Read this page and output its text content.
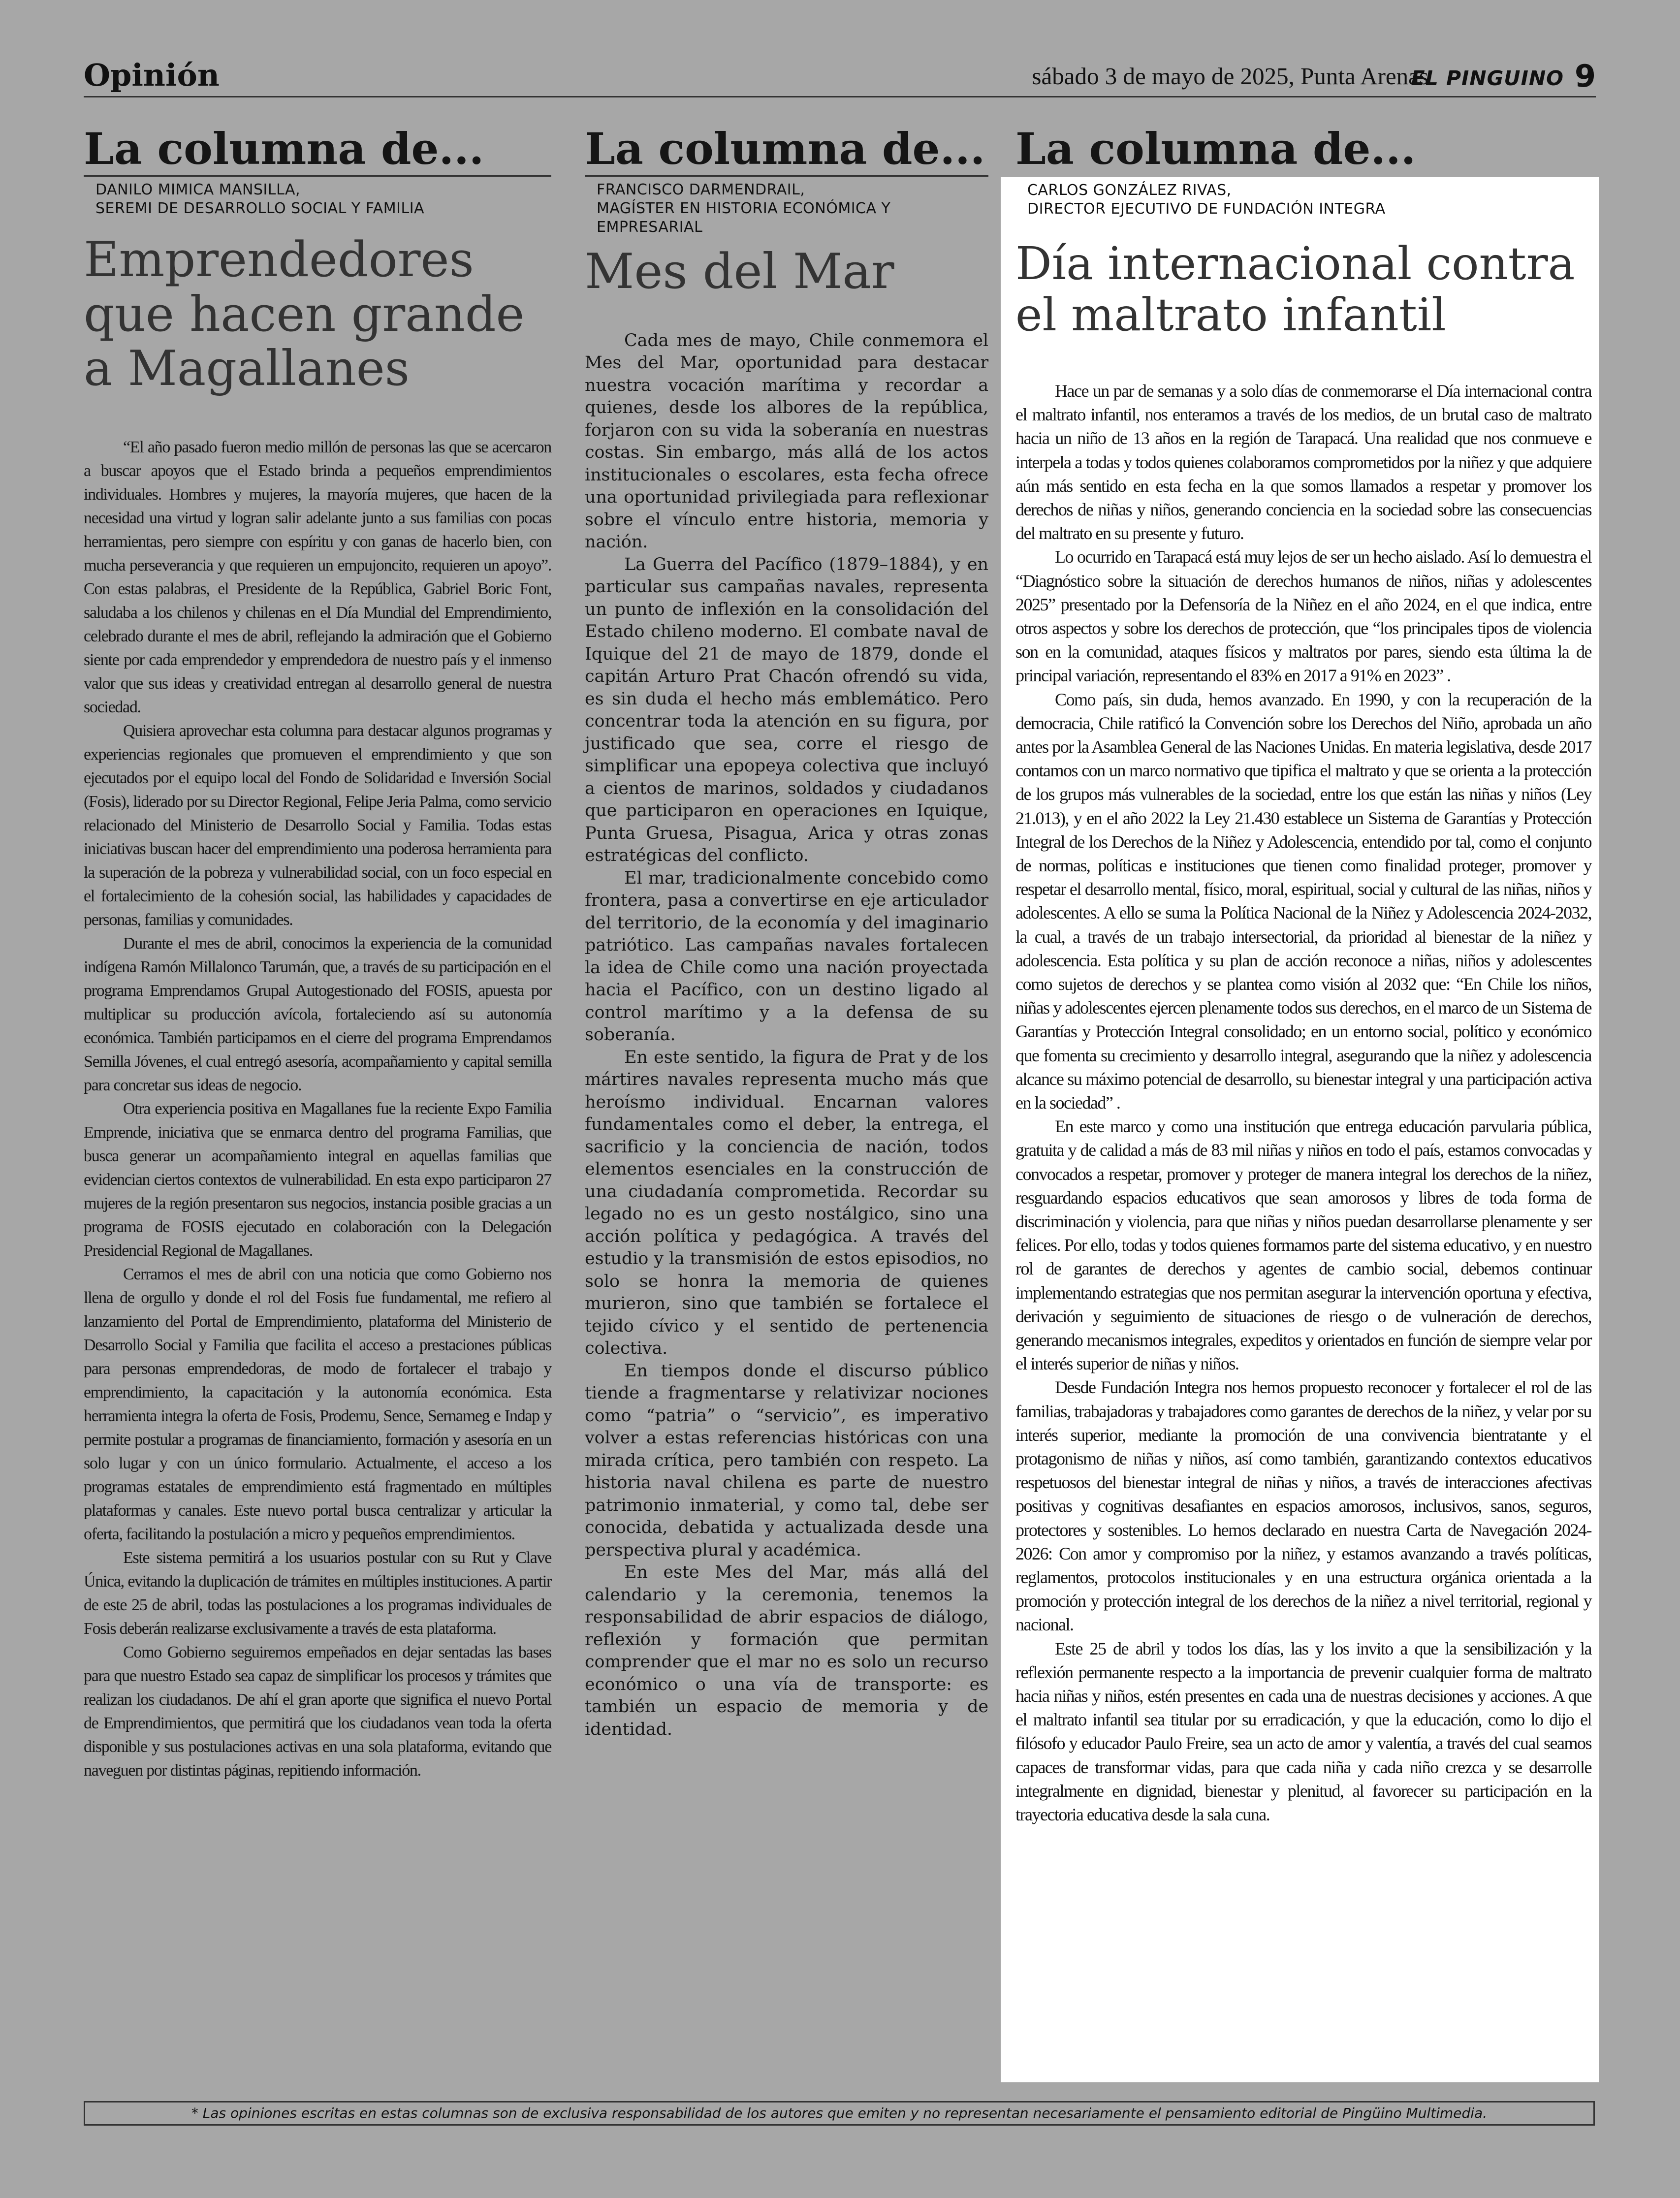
Opinión	sábado 3 de mayo de 2025, Punta Arenas
EL PINGUINO 9
La columna de...
DANILO MIMICA MANSILLA,
SEREMI DE DESARROLLO SOCIAL Y FAMILIA
Emprendedores
que hacen grande
a Magallanes

“El año pasado fueron medio millón de personas las que se acercaron a buscar apoyos que el Estado brinda a pequeños emprendimientos individuales. Hombres y mujeres, la mayoría mujeres, que hacen de la necesidad una virtud y logran salir adelante junto a sus familias con pocas herramientas, pero siempre con espíritu y con ganas de hacerlo bien, con mucha perseverancia y que requieren un empujoncito, requieren un apoyo”. Con estas palabras, el Presidente de la República, Gabriel Boric Font, saludaba a los chilenos y chilenas en el Día Mundial del Emprendimiento, celebrado durante el mes de abril, reflejando la admiración que el Gobierno siente por cada emprendedor y emprendedora de nuestro país y el inmenso valor que sus ideas y creatividad entregan al desarrollo general de nuestra sociedad.

Quisiera aprovechar esta columna para destacar algunos programas y experiencias regionales que promueven el emprendimiento y que son ejecutados por el equipo local del Fondo de Solidaridad e Inversión Social (Fosis), liderado por su Director Regional, Felipe Jeria Palma, como servicio relacionado del Ministerio de Desarrollo Social y Familia. Todas estas iniciativas buscan hacer del emprendimiento una poderosa herramienta para la superación de la pobreza y vulnerabilidad social, con un foco especial en el fortalecimiento de la cohesión social, las habilidades y capacidades de personas, familias y comunidades.

Durante el mes de abril, conocimos la experiencia de la comunidad indígena Ramón Millalonco Tarumán, que, a través de su participación en el programa Emprendamos Grupal Autogestionado del FOSIS, apuesta por multiplicar su producción avícola, fortaleciendo así su autonomía económica. También participamos en el cierre del programa Emprendamos Semilla Jóvenes, el cual entregó asesoría, acompañamiento y capital semilla para concretar sus ideas de negocio.

Otra experiencia positiva en Magallanes fue la reciente Expo Familia Emprende, iniciativa que se enmarca dentro del programa Familias, que busca generar un acompañamiento integral en aquellas familias que evidencian ciertos contextos de vulnerabilidad. En esta expo participaron 27 mujeres de la región presentaron sus negocios, instancia posible gracias a un programa de FOSIS ejecutado en colaboración con la Delegación Presidencial Regional de Magallanes.

Cerramos el mes de abril con una noticia que como Gobierno nos llena de orgullo y donde el rol del Fosis fue fundamental, me refiero al lanzamiento del Portal de Emprendimiento, plataforma del Ministerio de Desarrollo Social y Familia que facilita el acceso a prestaciones públicas para personas emprendedoras, de modo de fortalecer el trabajo y emprendimiento, la capacitación y la autonomía económica. Esta herramienta integra la oferta de Fosis, Prodemu, Sence, Sernameg e Indap y permite postular a programas de financiamiento, formación y asesoría en un solo lugar y con un único formulario. Actualmente, el acceso a los programas estatales de emprendimiento está fragmentado en múltiples plataformas y canales. Este nuevo portal busca centralizar y articular la oferta, facilitando la postulación a micro y pequeños emprendimientos.

Este sistema permitirá a los usuarios postular con su Rut y Clave Única, evitando la duplicación de trámites en múltiples instituciones. A partir de este 25 de abril, todas las postulaciones a los programas individuales de Fosis deberán realizarse exclusivamente a través de esta plataforma.

Como Gobierno seguiremos empeñados en dejar sentadas las bases para que nuestro Estado sea capaz de simplificar los procesos y trámites que realizan los ciudadanos. De ahí el gran aporte que significa el nuevo Portal de Emprendimientos, que permitirá que los ciudadanos vean toda la oferta disponible y sus postulaciones activas en una sola plataforma, evitando que naveguen por distintas páginas, repitiendo información.

La columna de...
FRANCISCO DARMENDRAIL,
MAGÍSTER EN HISTORIA ECONÓMICA Y EMPRESARIAL
Mes del Mar

Cada mes de mayo, Chile conmemora el Mes del Mar, oportunidad para destacar nuestra vocación marítima y recordar a quienes, desde los albores de la república, forjaron con su vida la soberanía en nuestras costas. Sin embargo, más allá de los actos institucionales o escolares, esta fecha ofrece una oportunidad privilegiada para reflexionar sobre el vínculo entre historia, memoria y nación.

La Guerra del Pacífico (1879–1884), y en particular sus campañas navales, representa un punto de inflexión en la consolidación del Estado chileno moderno. El combate naval de Iquique del 21 de mayo de 1879, donde el capitán Arturo Prat Chacón ofrendó su vida, es sin duda el hecho más emblemático. Pero concentrar toda la atención en su figura, por justificado que sea, corre el riesgo de simplificar una epopeya colectiva que incluyó a cientos de marinos, soldados y ciudadanos que participaron en operaciones en Iquique, Punta Gruesa, Pisagua, Arica y otras zonas estratégicas del conflicto.

El mar, tradicionalmente concebido como frontera, pasa a convertirse en eje articulador del territorio, de la economía y del imaginario patriótico. Las campañas navales fortalecen la idea de Chile como una nación proyectada hacia el Pacífico, con un destino ligado al control marítimo y a la defensa de su soberanía.

En este sentido, la figura de Prat y de los mártires navales representa mucho más que heroísmo individual. Encarnan valores fundamentales como el deber, la entrega, el sacrificio y la conciencia de nación, todos elementos esenciales en la construcción de una ciudadanía comprometida. Recordar su legado no es un gesto nostálgico, sino una acción política y pedagógica. A través del estudio y la transmisión de estos episodios, no solo se honra la memoria de quienes murieron, sino que también se fortalece el tejido cívico y el sentido de pertenencia colectiva.

En tiempos donde el discurso público tiende a fragmentarse y relativizar nociones como “patria” o “servicio”, es imperativo volver a estas referencias históricas con una mirada crítica, pero también con respeto. La historia naval chilena es parte de nuestro patrimonio inmaterial, y como tal, debe ser conocida, debatida y actualizada desde una perspectiva plural y académica.

En este Mes del Mar, más allá del calendario y la ceremonia, tenemos la responsabilidad de abrir espacios de diálogo, reflexión y formación que permitan comprender que el mar no es solo un recurso económico o una vía de transporte: es también un espacio de memoria y de identidad.

La columna de...
CARLOS GONZÁLEZ RIVAS,
DIRECTOR EJECUTIVO DE FUNDACIÓN INTEGRA
Día internacional contra
el maltrato infantil

Hace un par de semanas y a solo días de conmemorarse el Día internacional contra el maltrato infantil, nos enteramos a través de los medios, de un brutal caso de maltrato hacia un niño de 13 años en la región de Tarapacá. Una realidad que nos conmueve e interpela a todas y todos quienes colaboramos comprometidos por la niñez y que adquiere aún más sentido en esta fecha en la que somos llamados a respetar y promover los derechos de niñas y niños, generando conciencia en la sociedad sobre las consecuencias del maltrato en su presente y futuro.

Lo ocurrido en Tarapacá está muy lejos de ser un hecho aislado. Así lo demuestra el “Diagnóstico sobre la situación de derechos humanos de niños, niñas y adolescentes 2025” presentado por la Defensoría de la Niñez en el año 2024, en el que indica, entre otros aspectos y sobre los derechos de protección, que “los principales tipos de violencia son en la comunidad, ataques físicos y maltratos por pares, siendo esta última la de principal variación, representando el 83% en 2017 a 91% en 2023” .

Como país, sin duda, hemos avanzado. En 1990, y con la recuperación de la democracia, Chile ratificó la Convención sobre los Derechos del Niño, aprobada un año antes por la Asamblea General de las Naciones Unidas. En materia legislativa, desde 2017 contamos con un marco normativo que tipifica el maltrato y que se orienta a la protección de los grupos más vulnerables de la sociedad, entre los que están las niñas y niños (Ley 21.013), y en el año 2022 la Ley 21.430 establece un Sistema de Garantías y Protección Integral de los Derechos de la Niñez y Adolescencia, entendido por tal, como el conjunto de normas, políticas e instituciones que tienen como finalidad proteger, promover y respetar el desarrollo mental, físico, moral, espiritual, social y cultural de las niñas, niños y adolescentes. A ello se suma la Política Nacional de la Niñez y Adolescencia 2024-2032, la cual, a través de un trabajo intersectorial, da prioridad al bienestar de la niñez y adolescencia. Esta política y su plan de acción reconoce a niñas, niños y adolescentes como sujetos de derechos y se plantea como visión al 2032 que: “En Chile los niños, niñas y adolescentes ejercen plenamente todos sus derechos, en el marco de un Sistema de Garantías y Protección Integral consolidado; en un entorno social, político y económico que fomenta su crecimiento y desarrollo integral, asegurando que la niñez y adolescencia alcance su máximo potencial de desarrollo, su bienestar integral y una participación activa en la sociedad” .

En este marco y como una institución que entrega educación parvularia pública, gratuita y de calidad a más de 83 mil niñas y niños en todo el país, estamos convocadas y convocados a respetar, promover y proteger de manera integral los derechos de la niñez, resguardando espacios educativos que sean amorosos y libres de toda forma de discriminación y violencia, para que niñas y niños puedan desarrollarse plenamente y ser felices. Por ello, todas y todos quienes formamos parte del sistema educativo, y en nuestro rol de garantes de derechos y agentes de cambio social, debemos continuar implementando estrategias que nos permitan asegurar la intervención oportuna y efectiva, derivación y seguimiento de situaciones de riesgo o de vulneración de derechos, generando mecanismos integrales, expeditos y orientados en función de siempre velar por el interés superior de niñas y niños.

Desde Fundación Integra nos hemos propuesto reconocer y fortalecer el rol de las familias, trabajadoras y trabajadores como garantes de derechos de la niñez, y velar por su interés superior, mediante la promoción de una convivencia bientratante y el protagonismo de niñas y niños, así como también, garantizando contextos educativos respetuosos del bienestar integral de niñas y niños, a través de interacciones afectivas positivas y cognitivas desafiantes en espacios amorosos, inclusivos, sanos, seguros, protectores y sostenibles. Lo hemos declarado en nuestra Carta de Navegación 2024-2026: Con amor y compromiso por la niñez, y estamos avanzando a través políticas, reglamentos, protocolos institucionales y en una estructura orgánica orientada a la promoción y protección integral de los derechos de la niñez a nivel territorial, regional y nacional.

Este 25 de abril y todos los días, las y los invito a que la sensibilización y la reflexión permanente respecto a la importancia de prevenir cualquier forma de maltrato hacia niñas y niños, estén presentes en cada una de nuestras decisiones y acciones. A que el maltrato infantil sea titular por su erradicación, y que la educación, como lo dijo el filósofo y educador Paulo Freire, sea un acto de amor y valentía, a través del cual seamos capaces de transformar vidas, para que cada niña y cada niño crezca y se desarrolle integralmente en dignidad, bienestar y plenitud, al favorecer su participación en la trayectoria educativa desde la sala cuna.

* Las opiniones escritas en estas columnas son de exclusiva responsabilidad de los autores que emiten y no representan necesariamente el pensamiento editorial de Pingüino Multimedia.
